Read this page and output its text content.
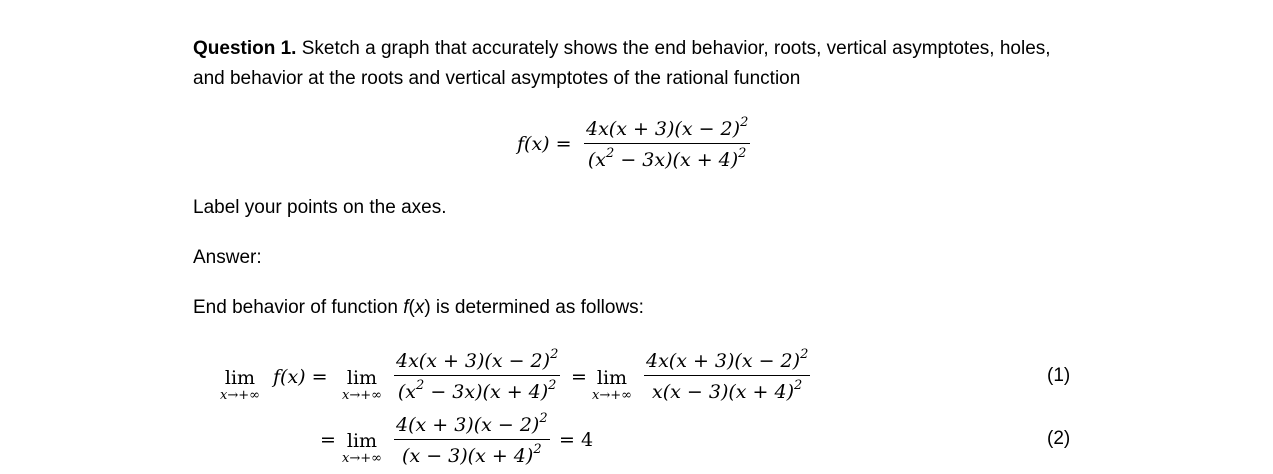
Question 1. Sketch a graph that accurately shows the end behavior, roots, vertical asymptotes, holes,
and behavior at the roots and vertical asymptotes of the rational function
$f(x) = \frac{4x(x + 3)(x - 2)^2}{(x^2 - 3x)(x + 4)^2}$
Label your points on the axes.
Answer:
End behavior of function f(x) is determined as follows:
lim
x→+∞
f(x) = lim
$x\to+\infty \frac{4x(x + 3)(x - 2)^2}{(x^2 - 3x)(x + 4)^2} = \lim$
$x\to+\infty \frac{4x(x + 3)(x - 2)^2}{x(x - 3)(x + 4)^2}$	(1)
= lim
$x\to+\infty \frac{4(x + 3)(x - 2)^2}{(x - 3)(x + 4)^2} = 4$	(2)
